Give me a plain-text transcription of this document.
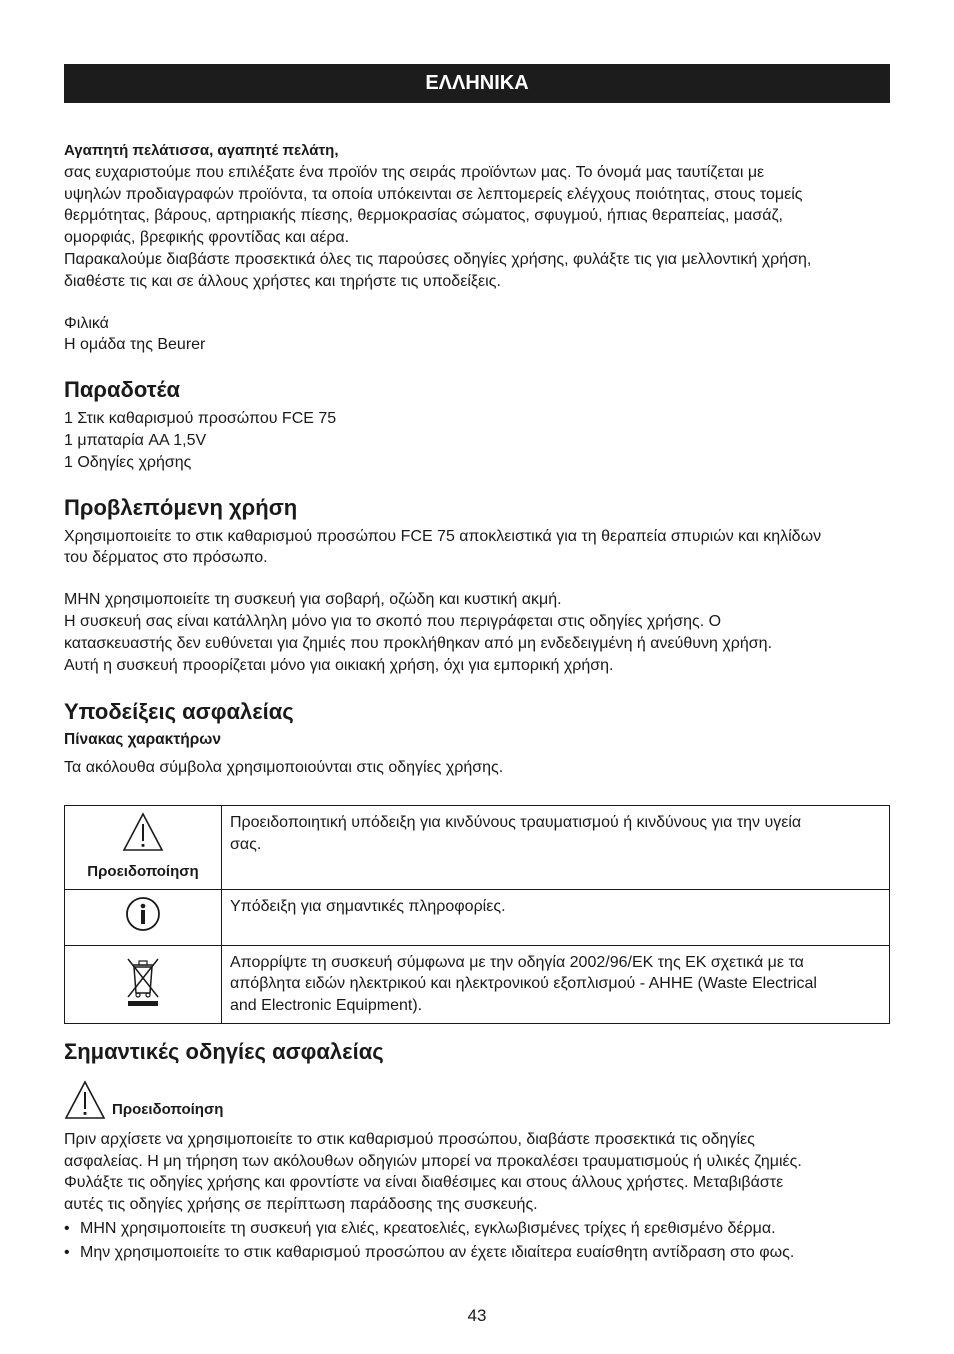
ΕΛΛΗΝΙΚΑ

Αγαπητή πελάτισσα, αγαπητέ πελάτη,

σας ευχαριστούμε που επιλέξατε ένα προϊόν της σειράς προϊόντων μας. Το όνομά μας ταυτίζεται με

υψηλών προδιαγραφών προϊόντα, τα οποία υπόκεινται σε λεπτομερείς ελέγχους ποιότητας, στους τομείς

θερμότητας, βάρους, αρτηριακής πίεσης, θερμοκρασίας σώματος, σφυγμού, ήπιας θεραπείας, μασάζ,

ομορφιάς, βρεφικής φροντίδας και αέρα.

Παρακαλούμε διαβάστε προσεκτικά όλες τις παρούσες οδηγίες χρήσης, φυλάξτε τις για μελλοντική χρήση,

διαθέστε τις και σε άλλους χρήστες και τηρήστε τις υποδείξεις.

Φιλικά

Η ομάδα της Beurer

Παραδοτέα

1 Στικ καθαρισμού προσώπου FCE 75

1 μπαταρία AA 1,5V

1 Οδηγίες χρήσης

Προβλεπόμενη χρήση

Χρησιμοποιείτε το στικ καθαρισμού προσώπου FCE 75 αποκλειστικά για τη θεραπεία σπυριών και κηλίδων

του δέρματος στο πρόσωπο.

ΜΗΝ χρησιμοποιείτε τη συσκευή για σοβαρή, οζώδη και κυστική ακμή.

Η συσκευή σας είναι κατάλληλη μόνο για το σκοπό που περιγράφεται στις οδηγίες χρήσης. Ο

κατασκευαστής δεν ευθύνεται για ζημιές που προκλήθηκαν από μη ενδεδειγμένη ή ανεύθυνη χρήση.

Αυτή η συσκευή προορίζεται μόνο για οικιακή χρήση, όχι για εμπορική χρήση.

Υποδείξεις ασφαλείας
Πίνακας χαρακτήρων

Τα ακόλουθα σύμβολα χρησιμοποιούνται στις οδηγίες χρήσης.

Προειδοποίηση	Προειδοποιητική υπόδειξη για κινδύνους τραυματισμού ή κινδύνους για την υγεία

σας.

Υπόδειξη για σημαντικές πληροφορίες.

Απορρίψτε τη συσκευή σύμφωνα με την οδηγία 2002/96/ΕΚ της ΕΚ σχετικά με τα

απόβλητα ειδών ηλεκτρικού και ηλεκτρονικού εξοπλισμού - ΑΗΗΕ (Waste Electrical

and Electronic Equipment).

Σημαντικές οδηγίες ασφαλείας
Προειδοποίηση

Πριν αρχίσετε να χρησιμοποιείτε το στικ καθαρισμού προσώπου, διαβάστε προσεκτικά τις οδηγίες

ασφαλείας. Η μη τήρηση των ακόλουθων οδηγιών μπορεί να προκαλέσει τραυματισμούς ή υλικές ζημιές.

Φυλάξτε τις οδηγίες χρήσης και φροντίστε να είναι διαθέσιμες και στους άλλους χρήστες. Μεταβιβάστε

αυτές τις οδηγίες χρήσης σε περίπτωση παράδοσης της συσκευής.

• ΜΗΝ χρησιμοποιείτε τη συσκευή για ελιές, κρεατοελιές, εγκλωβισμένες τρίχες ή ερεθισμένο δέρμα.
• Μην χρησιμοποιείτε το στικ καθαρισμού προσώπου αν έχετε ιδιαίτερα ευαίσθητη αντίδραση στο φως.
43
